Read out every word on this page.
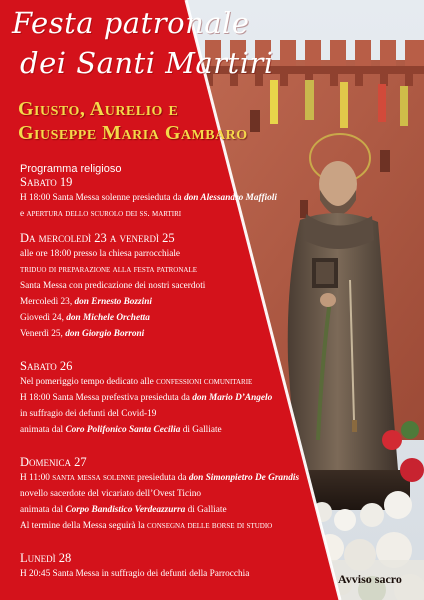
Festa patronale
dei Santi Martiri
Giusto, Aurelio e
Giuseppe Maria Gambaro
Programma religioso
Sabato 19
H 18:00 Santa Messa solenne presieduta da don Alessandro Maffioli
e apertura dello scurolo dei ss. martiri
Da mercoledì 23 a venerdì 25
alle ore 18:00 presso la chiesa parrocchiale
triduo di preparazione alla festa patronale
Santa Messa con predicazione dei nostri sacerdoti
Mercoledì 23, don Ernesto Bozzini
Giovedì 24, don Michele Orchetta
Venerdì 25, don Giorgio Borroni
Sabato 26
Nel pomeriggio tempo dedicato alle confessioni comunitarie
H 18:00 Santa Messa prefestiva presieduta da don Mario D’Angelo
in suffragio dei defunti del Covid-19
animata dal Coro Polifonico Santa Cecilia di Galliate
Domenica 27
H 11:00 santa messa solenne presieduta da don Simonpietro De Grandis
novello sacerdote del vicariato dell’Ovest Ticino
animata dal Corpo Bandistico Verdeazzurra di Galliate
Al termine della Messa seguirà la consegna delle borse di studio
Lunedì 28
H 20:45 Santa Messa in suffragio dei defunti della Parrocchia	Avviso sacro
